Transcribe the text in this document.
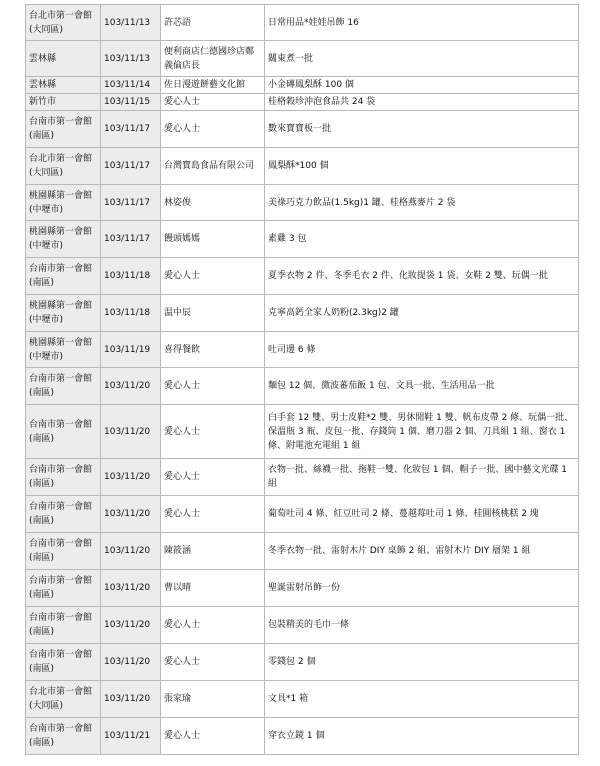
台北市第一會館(大同區)	103/11/13	許芯語	日常用品*娃娃吊飾 16
雲林縣	103/11/13	便利商店仁德國珍店鄭義倫店長	關東煮一批
雲林縣	103/11/14	佐日漫遊餅藝文化館	小金磚鳳梨酥 100 個
新竹市	103/11/15	愛心人士	桂格穀珍沖泡食品共 24 袋
台南市第一會館(南區)	103/11/17	愛心人士	數來寶寶板一批
台北市第一會館(大同區)	103/11/17	台灣寶島食品有限公司	鳳梨酥*100 個
桃園縣第一會館(中壢市)	103/11/17	林姿俊	美祿巧克力飲品(1.5kg)1 罐、桂格燕麥片 2 袋
桃園縣第一會館(中壢市)	103/11/17	饅頭媽媽	素雞 3 包
台南市第一會館(南區)	103/11/18	愛心人士	夏季衣物 2 件、冬季毛衣 2 件、化妝提袋 1 袋、女鞋 2 雙、玩偶一批
桃園縣第一會館(中壢市)	103/11/18	温中辰	克寧高鈣全家人奶粉(2.3kg)2 罐
桃園縣第一會館(中壢市)	103/11/19	喜得餐飲	吐司邊 6 條
台南市第一會館(南區)	103/11/20	愛心人士	麵包 12 個、微波蕃茄飯 1 包、文具一批、生活用品一批
台南市第一會館(南區)	103/11/20	愛心人士	白手套 12 雙、男士皮鞋*2 雙、男休閒鞋 1 雙、帆布皮帶 2 條、玩偶一批、保溫瓶 3 瓶、皮包一批、存錢筒 1 個、磨刀器 2 個、刀具組 1 組、窗衣 1 條、附電池充電組 1 組
台南市第一會館(南區)	103/11/20	愛心人士	衣物一批、絲襪一批、拖鞋一雙、化妝包 1 個、帽子一批、國中藝文光碟 1 組
台南市第一會館(南區)	103/11/20	愛心人士	葡萄吐司 4 條、紅豆吐司 2 條、蔓越莓吐司 1 條、桂圓核桃糕 2 塊
台南市第一會館(南區)	103/11/20	陳筱涵	冬季衣物一批、雷射木片 DIY 桌飾 2 組、雷射木片 DIY 層架 1 組
台南市第一會館(南區)	103/11/20	曹以晴	聖誕雷射吊飾一份
台南市第一會館(南區)	103/11/20	愛心人士	包裝精美的毛巾一條
台南市第一會館(南區)	103/11/20	愛心人士	零錢包 2 個
台北市第一會館(大同區)	103/11/20	張家瑜	文具*1 箱
台南市第一會館(南區)	103/11/21	愛心人士	穿衣立鏡 1 個
